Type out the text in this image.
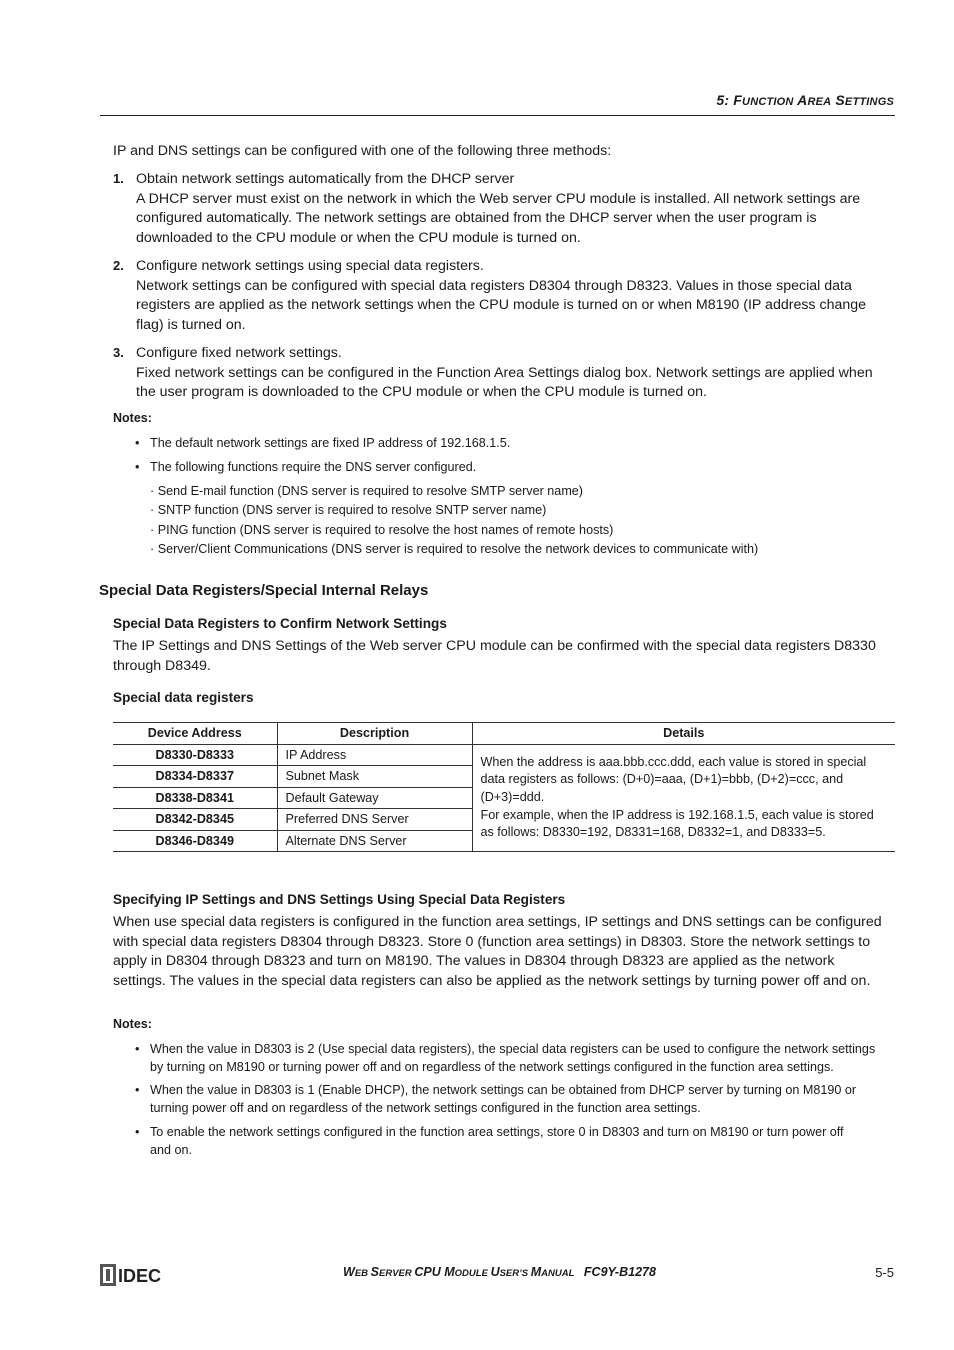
5: FUNCTION AREA SETTINGS
IP and DNS settings can be configured with one of the following three methods:
1. Obtain network settings automatically from the DHCP server
A DHCP server must exist on the network in which the Web server CPU module is installed. All network settings are
configured automatically. The network settings are obtained from the DHCP server when the user program is
downloaded to the CPU module or when the CPU module is turned on.
2. Configure network settings using special data registers.
Network settings can be configured with special data registers D8304 through D8323. Values in those special data
registers are applied as the network settings when the CPU module is turned on or when M8190 (IP address change
flag) is turned on.
3. Configure fixed network settings.
Fixed network settings can be configured in the Function Area Settings dialog box. Network settings are applied when
the user program is downloaded to the CPU module or when the CPU module is turned on.
Notes:
• The default network settings are fixed IP address of 192.168.1.5.
• The following functions require the DNS server configured.
· Send E-mail function (DNS server is required to resolve SMTP server name)
· SNTP function (DNS server is required to resolve SNTP server name)
· PING function (DNS server is required to resolve the host names of remote hosts)
· Server/Client Communications (DNS server is required to resolve the network devices to communicate with)
Special Data Registers/Special Internal Relays
Special Data Registers to Confirm Network Settings
The IP Settings and DNS Settings of the Web server CPU module can be confirmed with the special data registers D8330
through D8349.
Special data registers
Device Address	Description	Details
D8330-D8333	IP Address	When the address is aaa.bbb.ccc.ddd, each value is stored in special
data registers as follows: (D+0)=aaa, (D+1)=bbb, (D+2)=ccc, and
(D+3)=ddd.
For example, when the IP address is 192.168.1.5, each value is stored
as follows: D8330=192, D8331=168, D8332=1, and D8333=5.

D8334-D8337	Subnet Mask	
D8338-D8341	Default Gateway	
D8342-D8345	Preferred DNS Server	
D8346-D8349	Alternate DNS Server	
Specifying IP Settings and DNS Settings Using Special Data Registers
When use special data registers is configured in the function area settings, IP settings and DNS settings can be configured
with special data registers D8304 through D8323. Store 0 (function area settings) in D8303. Store the network settings to
apply in D8304 through D8323 and turn on M8190. The values in D8304 through D8323 are applied as the network
settings. The values in the special data registers can also be applied as the network settings by turning power off and on.
Notes:
• When the value in D8303 is 2 (Use special data registers), the special data registers can be used to configure the network settings
by turning on M8190 or turning power off and on regardless of the network settings configured in the function area settings.
• When the value in D8303 is 1 (Enable DHCP), the network settings can be obtained from DHCP server by turning on M8190 or
turning power off and on regardless of the network settings configured in the function area settings.
• To enable the network settings configured in the function area settings, store 0 in D8303 and turn on M8190 or turn power off
and on.
IDEC	WEB SERVER CPU MODULE USER’S MANUAL FC9Y-B1278	5-5
